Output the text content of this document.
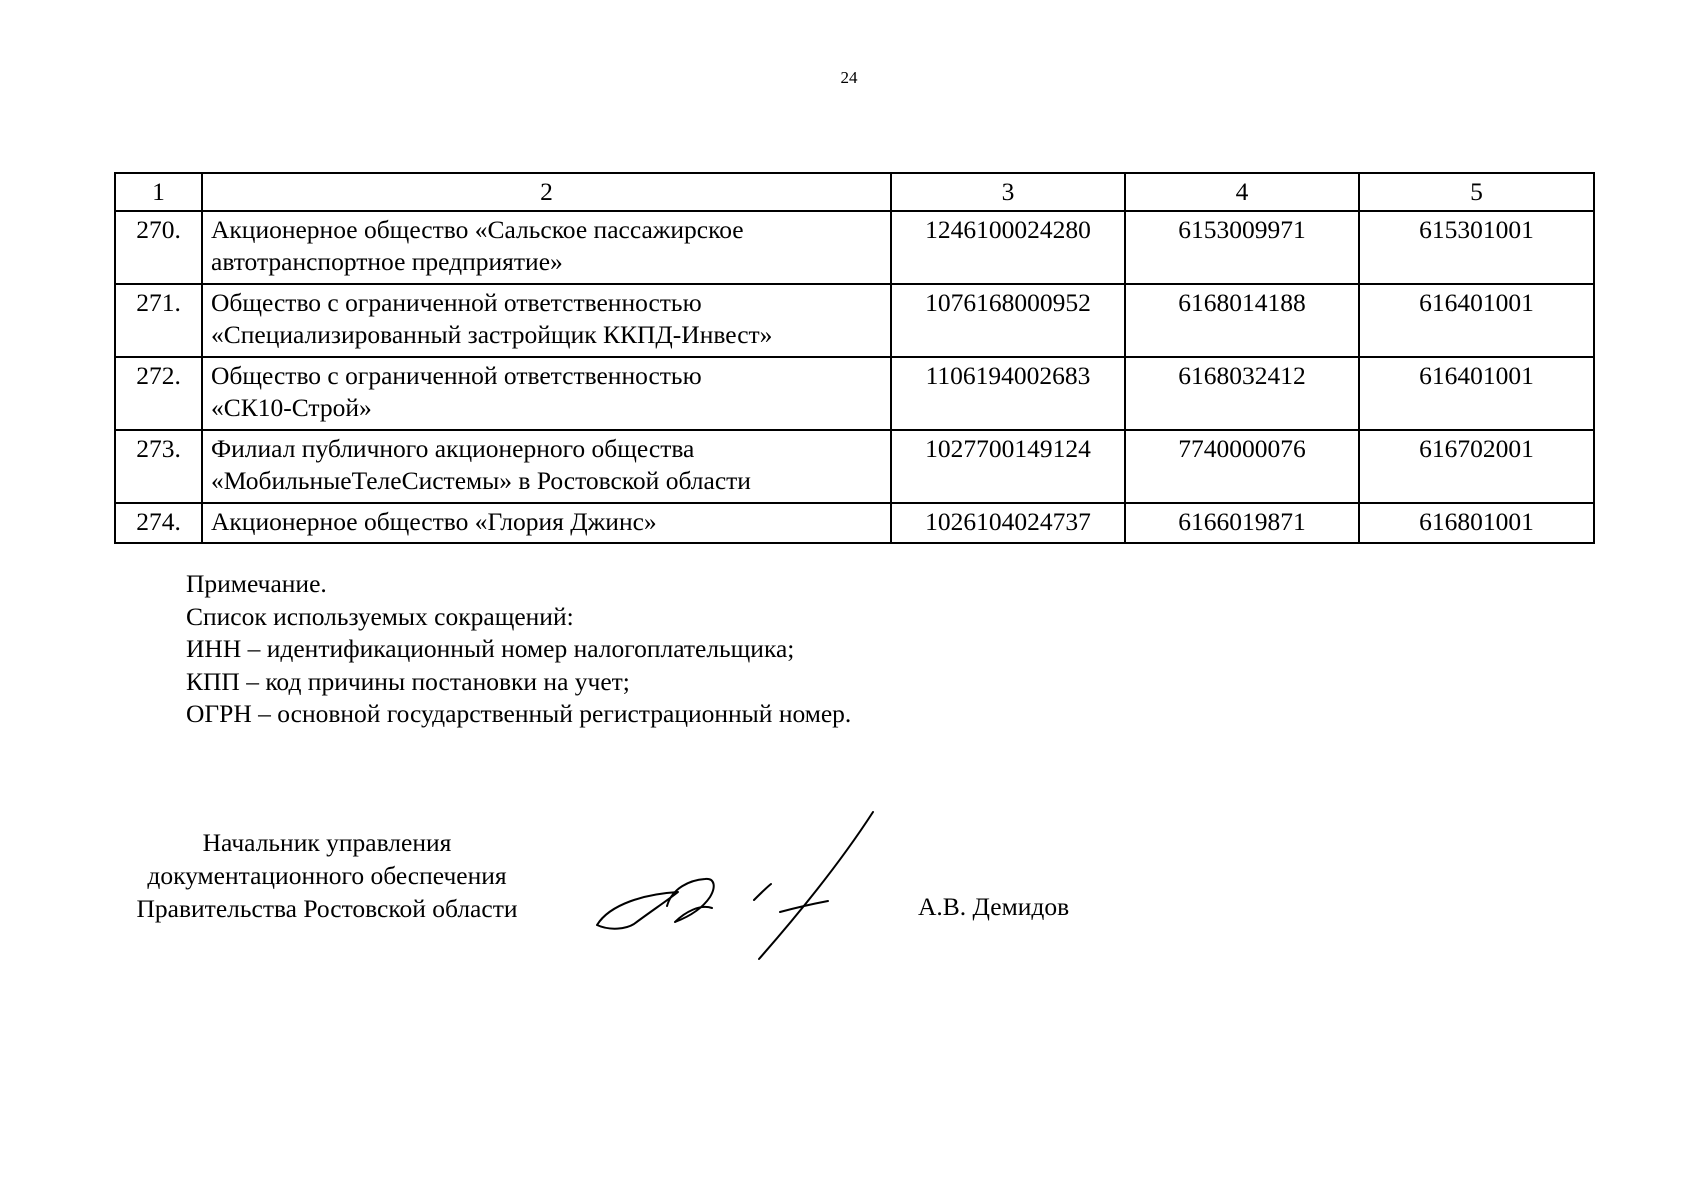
24
1	2	3	4	5
270.	Акционерное общество «Сальское пассажирское
автотранспортное предприятие»	1246100024280	6153009971	615301001
271.	Общество с ограниченной ответственностью
«Специализированный застройщик ККПД-Инвест»	1076168000952	6168014188	616401001
272.	Общество с ограниченной ответственностью
«СК10-Строй»	1106194002683	6168032412	616401001
273.	Филиал публичного акционерного общества
«МобильныеТелеСистемы» в Ростовской области	1027700149124	7740000076	616702001
274.	Акционерное общество «Глория Джинс»	1026104024737	6166019871	616801001
Примечание.
Список используемых сокращений:
ИНН – идентификационный номер налогоплательщика;
КПП – код причины постановки на учет;
ОГРН – основной государственный регистрационный номер.
Начальник управления
документационного обеспечения
Правительства Ростовской области	А.В. Демидов
